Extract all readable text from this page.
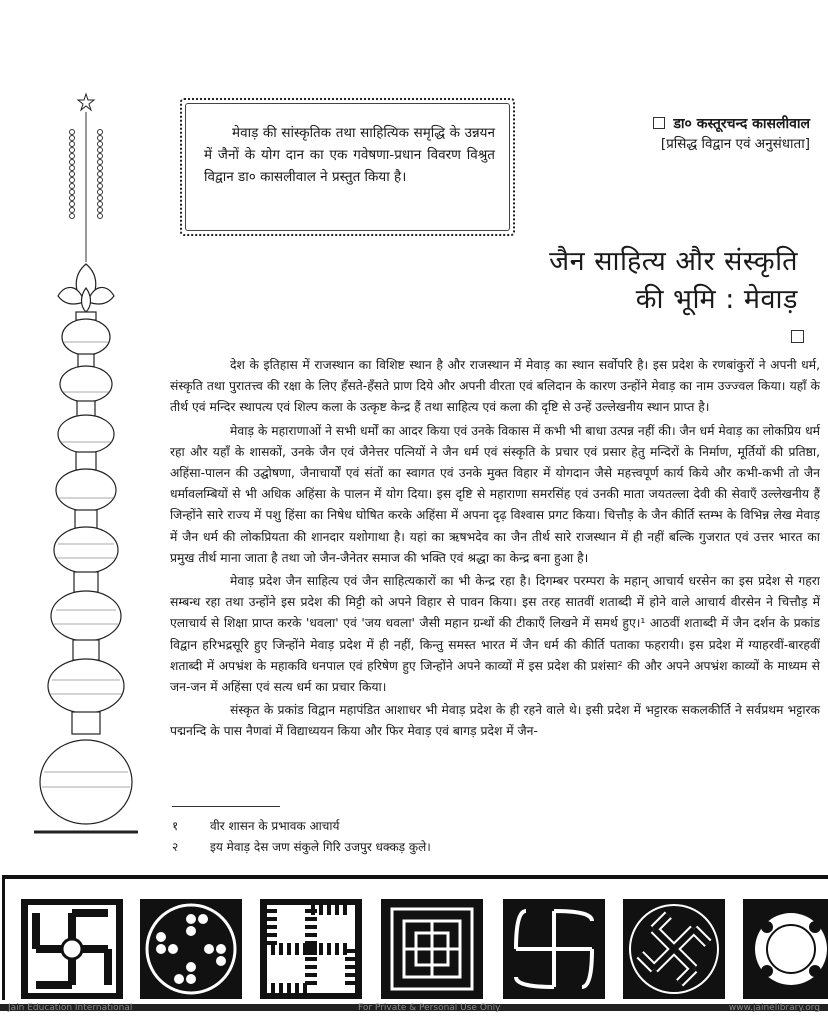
मेवाड़ की सांस्कृतिक तथा साहित्यिक समृद्धि के उन्नयन में जैनों के योग दान का एक गवेषणा-प्रधान विवरण विश्रुत विद्वान डा० कासलीवाल ने प्रस्तुत किया है।
डा० कस्तूरचन्द कासलीवाल
[प्रसिद्ध विद्वान एवं अनुसंधाता]
जैन साहित्य और संस्कृति
की भूमि : मेवाड़

देश के इतिहास में राजस्थान का विशिष्ट स्थान है और राजस्थान में मेवाड़ का स्थान सर्वोपरि है। इस प्रदेश के रणबांकुरों ने अपनी धर्म, संस्कृति तथा पुरातत्त्व की रक्षा के लिए हँसते-हँसते प्राण दिये और अपनी वीरता एवं बलिदान के कारण उन्होंने मेवाड़ का नाम उज्ज्वल किया। यहाँ के तीर्थ एवं मन्दिर स्थापत्य एवं शिल्प कला के उत्कृष्ट केन्द्र हैं तथा साहित्य एवं कला की दृष्टि से उन्हें उल्लेखनीय स्थान प्राप्त है।

मेवाड़ के महाराणाओं ने सभी धर्मों का आदर किया एवं उनके विकास में कभी भी बाधा उत्पन्न नहीं की। जैन धर्म मेवाड़ का लोकप्रिय धर्म रहा और यहाँ के शासकों, उनके जैन एवं जैनेत्तर पत्नियों ने जैन धर्म एवं संस्कृति के प्रचार एवं प्रसार हेतु मन्दिरों के निर्माण, मूर्तियों की प्रतिष्ठा, अहिंसा-पालन की उद्घोषणा, जैनाचार्यों एवं संतों का स्वागत एवं उनके मुक्त विहार में योगदान जैसे महत्त्वपूर्ण कार्य किये और कभी-कभी तो जैन धर्मावलम्बियों से भी अधिक अहिंसा के पालन में योग दिया। इस दृष्टि से महाराणा समरसिंह एवं उनकी माता जयतल्ला देवी की सेवाएँ उल्लेखनीय हैं जिन्होंने सारे राज्य में पशु हिंसा का निषेध घोषित करके अहिंसा में अपना दृढ़ विश्वास प्रगट किया। चित्तौड़ के जैन कीर्ति स्तम्भ के विभिन्न लेख मेवाड़ में जैन धर्म की लोकप्रियता की शानदार यशोगाथा है। यहां का ऋषभदेव का जैन तीर्थ सारे राजस्थान में ही नहीं बल्कि गुजरात एवं उत्तर भारत का प्रमुख तीर्थ माना जाता है तथा जो जैन-जैनेतर समाज की भक्ति एवं श्रद्धा का केन्द्र बना हुआ है।

मेवाड़ प्रदेश जैन साहित्य एवं जैन साहित्यकारों का भी केन्द्र रहा है। दिगम्बर परम्परा के महान् आचार्य धरसेन का इस प्रदेश से गहरा सम्बन्ध रहा तथा उन्होंने इस प्रदेश की मिट्टी को अपने विहार से पावन किया। इस तरह सातवीं शताब्दी में होने वाले आचार्य वीरसेन ने चित्तौड़ में एलाचार्य से शिक्षा प्राप्त करके 'धवला' एवं 'जय धवला' जैसी महान ग्रन्थों की टीकाएँ लिखने में समर्थ हुए।¹ आठवीं शताब्दी में जैन दर्शन के प्रकांड विद्वान हरिभद्रसूरि हुए जिन्होंने मेवाड़ प्रदेश में ही नहीं, किन्तु समस्त भारत में जैन धर्म की कीर्ति पताका फहरायी। इस प्रदेश में ग्याहरवीं-बारहवीं शताब्दी में अपभ्रंश के महाकवि धनपाल एवं हरिषेण हुए जिन्होंने अपने काव्यों में इस प्रदेश की प्रशंसा² की और अपने अपभ्रंश काव्यों के माध्यम से जन-जन में अहिंसा एवं सत्य धर्म का प्रचार किया।

संस्कृत के प्रकांड विद्वान महापंडित आशाधर भी मेवाड़ प्रदेश के ही रहने वाले थे। इसी प्रदेश में भट्टारक सकलकीर्ति ने सर्वप्रथम भट्टारक पद्मनन्दि के पास नैणवां में विद्याध्ययन किया और फिर मेवाड़ एवं बागड़ प्रदेश में जैन-

१	वीर शासन के प्रभावक आचार्य
२	इय मेवाड़ देस जण संकुले गिरि उजपुर धक्कड़ कुले।
Jain Education International	For Private & Personal Use Only	www.jainelibrary.org
